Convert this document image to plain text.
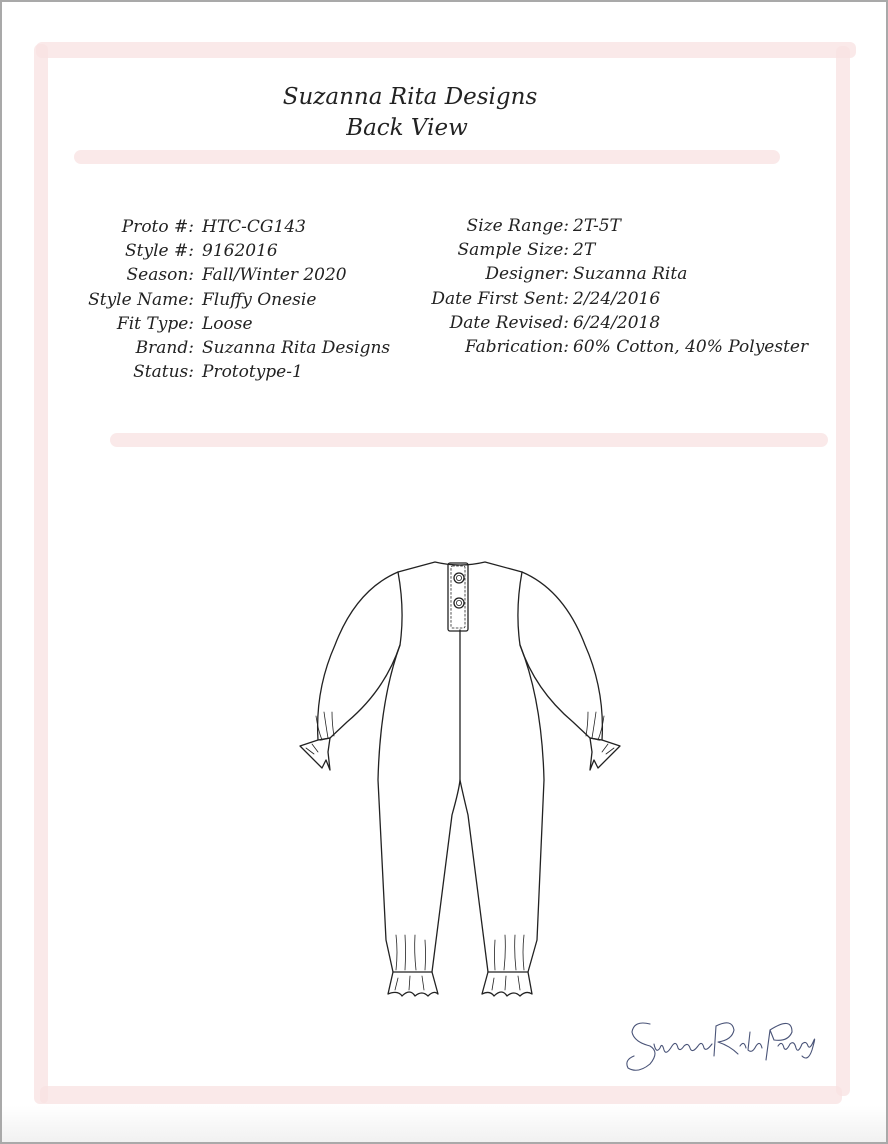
Suzanna Rita Designs
Back View
Proto #: HTC-CG143
Style #: 9162016
Season: Fall/Winter 2020
Style Name: Fluffy Onesie
Fit Type: Loose
Brand: Suzanna Rita Designs
Status: Prototype-1
Size Range: 2T-5T
Sample Size: 2T
Designer: Suzanna Rita
Date First Sent: 2/24/2016
Date Revised: 6/24/2018
Fabrication: 60% Cotton, 40% Polyester
